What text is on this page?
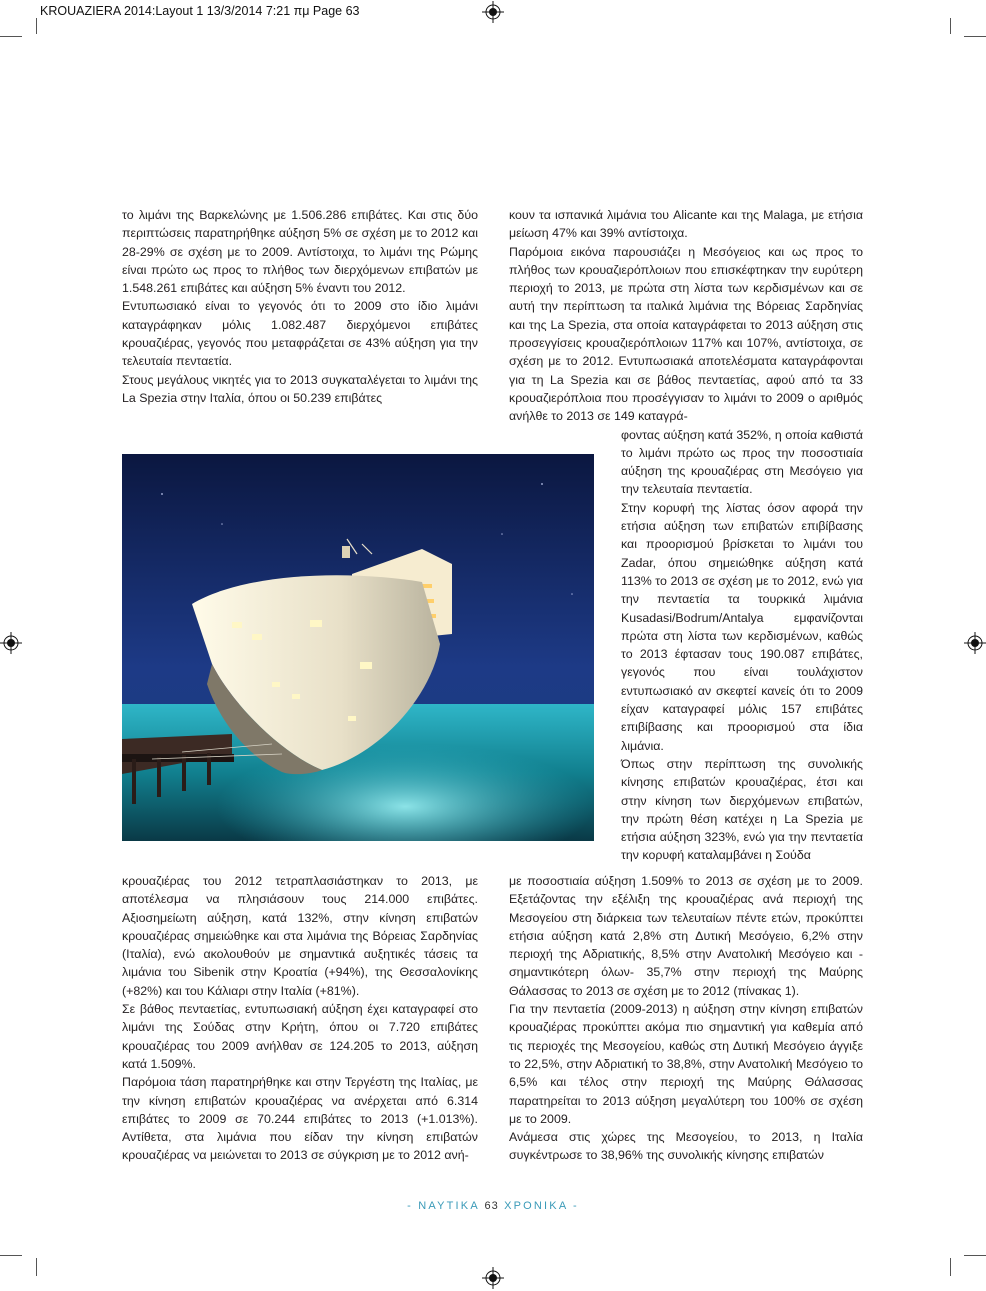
KROUAZIERA 2014:Layout 1 13/3/2014 7:21 πμ Page 63

το λιμάνι της Βαρκελώνης με 1.506.286 επιβάτες. Και στις δύο περιπτώσεις παρατηρήθηκε αύξηση 5% σε σχέση με το 2012 και 28-29% σε σχέση με το 2009. Αντίστοιχα, το λιμάνι της Ρώμης είναι πρώτο ως προς το πλήθος των διερχόμενων επιβατών με 1.548.261 επιβάτες και αύξηση 5% έναντι του 2012.

Εντυπωσιακό είναι το γεγονός ότι το 2009 στο ίδιο λιμάνι καταγράφηκαν μόλις 1.082.487 διερχόμενοι επιβάτες κρουαζιέρας, γεγονός που μεταφράζεται σε 43% αύξηση για την τελευταία πενταετία.

Στους μεγάλους νικητές για το 2013 συγκαταλέγεται το λιμάνι της La Spezia στην Ιταλία, όπου οι 50.239 επιβάτες

κρουαζιέρας του 2012 τετραπλασιάστηκαν το 2013, με αποτέλεσμα να πλησιάσουν τους 214.000 επιβάτες. Αξιοσημείωτη αύξηση, κατά 132%, στην κίνηση επιβατών κρουαζιέρας σημειώθηκε και στα λιμάνια της Βόρειας Σαρδηνίας (Ιταλία), ενώ ακολουθούν με σημαντικά αυξητικές τάσεις τα λιμάνια του Sibenik στην Κροατία (+94%), της Θεσσαλονίκης (+82%) και του Κάλιαρι στην Ιταλία (+81%).

Σε βάθος πενταετίας, εντυπωσιακή αύξηση έχει καταγραφεί στο λιμάνι της Σούδας στην Κρήτη, όπου οι 7.720 επιβάτες κρουαζιέρας του 2009 ανήλθαν σε 124.205 το 2013, αύξηση κατά 1.509%.

Παρόμοια τάση παρατηρήθηκε και στην Τεργέστη της Ιταλίας, με την κίνηση επιβατών κρουαζιέρας να ανέρχεται από 6.314 επιβάτες το 2009 σε 70.244 επιβάτες το 2013 (+1.013%). Αντίθετα, στα λιμάνια που είδαν την κίνηση επιβατών κρουαζιέρας να μειώνεται το 2013 σε σύγκριση με το 2012 ανή-

κουν τα ισπανικά λιμάνια του Alicante και της Malaga, με ετήσια μείωση 47% και 39% αντίστοιχα.

Παρόμοια εικόνα παρουσιάζει η Μεσόγειος και ως προς το πλήθος των κρουαζιερόπλοιων που επισκέφτηκαν την ευρύτερη περιοχή το 2013, με πρώτα στη λίστα των κερδισμένων και σε αυτή την περίπτωση τα ιταλικά λιμάνια της Βόρειας Σαρδηνίας και της La Spezia, στα οποία καταγράφεται το 2013 αύξηση στις προσεγγίσεις κρουαζιερόπλοιων 117% και 107%, αντίστοιχα, σε σχέση με το 2012. Εντυπωσιακά αποτελέσματα καταγράφονται για τη La Spezia και σε βάθος πενταετίας, αφού από τα 33 κρουαζιερόπλοια που προσέγγισαν το λιμάνι το 2009 ο αριθμός ανήλθε το 2013 σε 149 καταγρά-

φοντας αύξηση κατά 352%, η οποία καθιστά το λιμάνι πρώτο ως προς την ποσοστιαία αύξηση της κρουαζιέρας στη Μεσόγειο για την τελευταία πενταετία.

Στην κορυφή της λίστας όσον αφορά την ετήσια αύξηση των επιβατών επιβίβασης και προορισμού βρίσκεται το λιμάνι του Zadar, όπου σημειώθηκε αύξηση κατά 113% το 2013 σε σχέση με το 2012, ενώ για την πενταετία τα τουρκικά λιμάνια Kusadasi/Bodrum/Antalya εμφανίζονται πρώτα στη λίστα των κερδισμένων, καθώς το 2013 έφτασαν τους 190.087 επιβάτες, γεγονός που είναι τουλάχιστον εντυπωσιακό αν σκεφτεί κανείς ότι το 2009 είχαν καταγραφεί μόλις 157 επιβάτες επιβίβασης και προορισμού στα ίδια λιμάνια.

Όπως στην περίπτωση της συνολικής κίνησης επιβατών κρουαζιέρας, έτσι και στην κίνηση των διερχόμενων επιβατών, την πρώτη θέση κατέχει η La Spezia με ετήσια αύξηση 323%, ενώ για την πενταετία την κορυφή καταλαμβάνει η Σούδα

με ποσοστιαία αύξηση 1.509% το 2013 σε σχέση με το 2009. Εξετάζοντας την εξέλιξη της κρουαζιέρας ανά περιοχή της Μεσογείου στη διάρκεια των τελευταίων πέντε ετών, προκύπτει ετήσια αύξηση κατά 2,8% στη Δυτική Μεσόγειο, 6,2% στην περιοχή της Αδριατικής, 8,5% στην Ανατολική Μεσόγειο και - σημαντικότερη όλων- 35,7% στην περιοχή της Μαύρης Θάλασσας το 2013 σε σχέση με το 2012 (πίνακας 1).

Για την πενταετία (2009-2013) η αύξηση στην κίνηση επιβατών κρουαζιέρας προκύπτει ακόμα πιο σημαντική για καθεμία από τις περιοχές της Μεσογείου, καθώς στη Δυτική Μεσόγειο άγγιξε το 22,5%, στην Αδριατική το 38,8%, στην Ανατολική Μεσόγειο το 6,5% και τέλος στην περιοχή της Μαύρης Θάλασσας παρατηρείται το 2013 αύξηση μεγαλύτερη του 100% σε σχέση με το 2009.

Ανάμεσα στις χώρες της Μεσογείου, το 2013, η Ιταλία συγκέντρωσε το 38,96% της συνολικής κίνησης επιβατών

- ΝΑΥΤΙΚΑ 63 ΧΡΟΝΙΚΑ -
